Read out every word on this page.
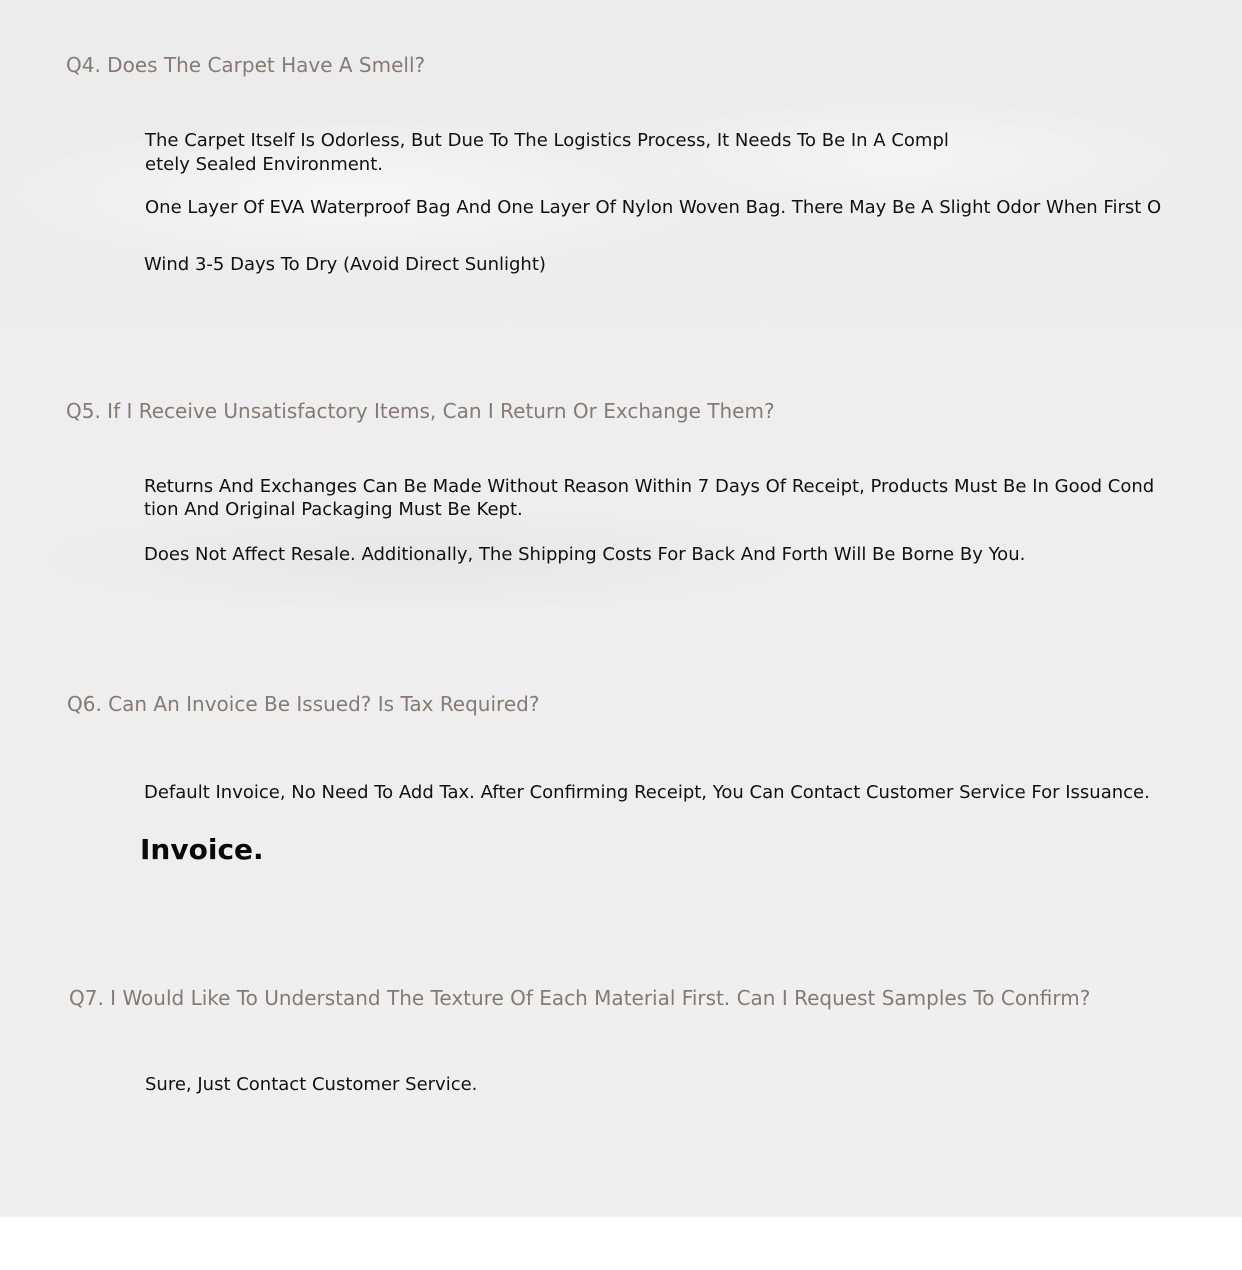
Q4. Does The Carpet Have A Smell?

The Carpet Itself Is Odorless, But Due To The Logistics Process, It Needs To Be In A Compl

etely Sealed Environment.

One Layer Of EVA Waterproof Bag And One Layer Of Nylon Woven Bag. There May Be A Slight Odor When First O

Wind 3-5 Days To Dry (Avoid Direct Sunlight)

Q5. If I Receive Unsatisfactory Items, Can I Return Or Exchange Them?

Returns And Exchanges Can Be Made Without Reason Within 7 Days Of Receipt, Products Must Be In Good Cond

tion And Original Packaging Must Be Kept.

Does Not Affect Resale. Additionally, The Shipping Costs For Back And Forth Will Be Borne By You.

Q6. Can An Invoice Be Issued? Is Tax Required?

Default Invoice, No Need To Add Tax. After Confirming Receipt, You Can Contact Customer Service For Issuance.

Invoice.

Q7. I Would Like To Understand The Texture Of Each Material First. Can I Request Samples To Confirm?

Sure, Just Contact Customer Service.
